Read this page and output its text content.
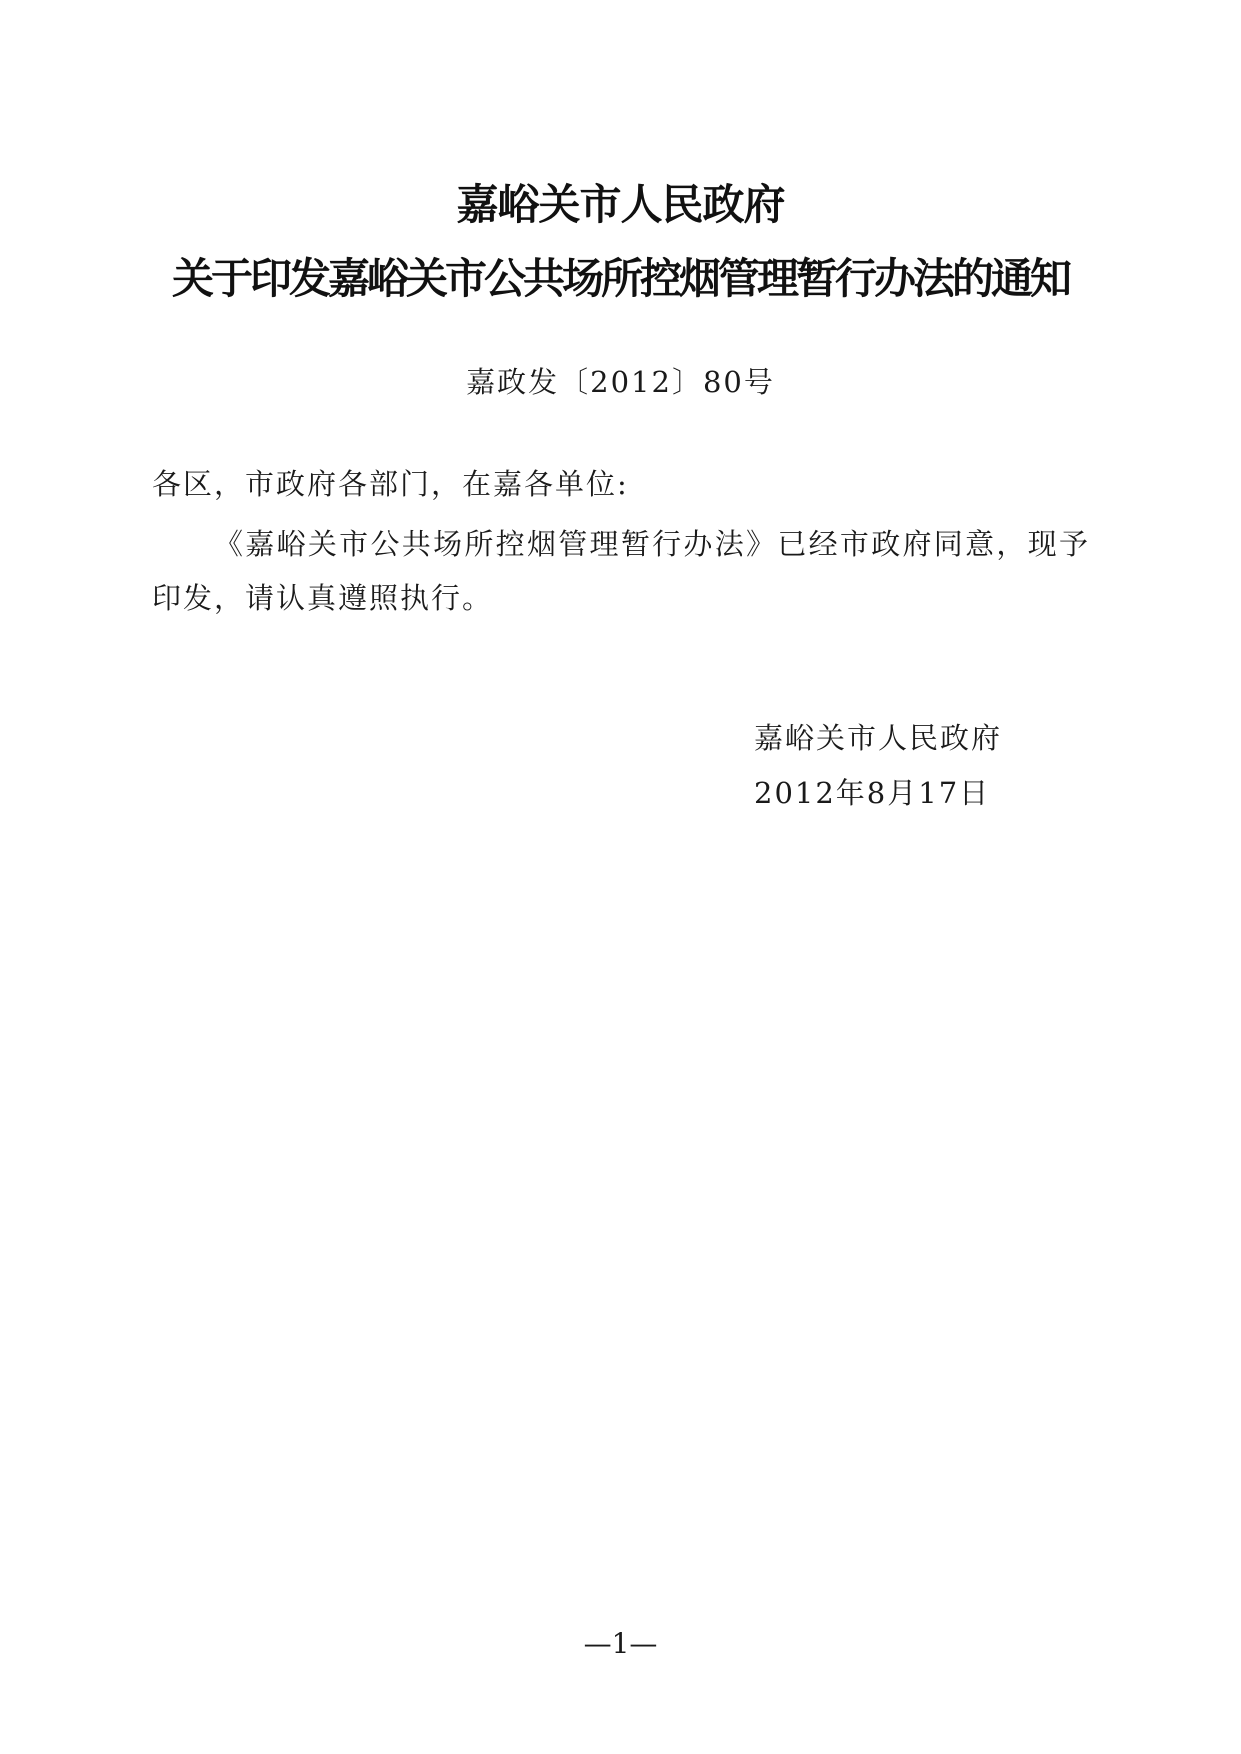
嘉峪关市人民政府
关于印发嘉峪关市公共场所控烟管理暂行办法的通知
嘉政发〔2012〕80号
各区，市政府各部门，在嘉各单位:
《嘉峪关市公共场所控烟管理暂行办法》已经市政府同意，现予印发，请认真遵照执行。
嘉峪关市人民政府
2012年8月17日
—1—
